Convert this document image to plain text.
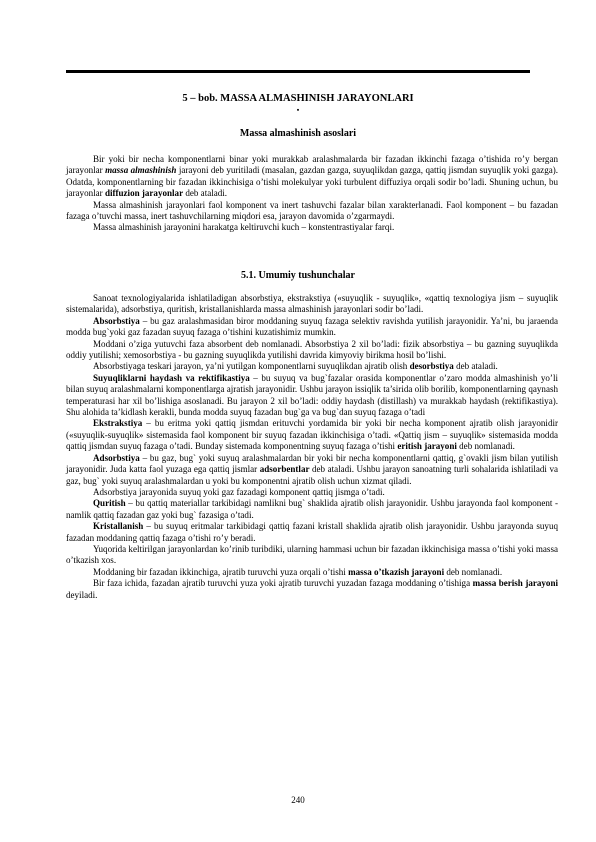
5 – bob. MASSA ALMASHINISH JARAYONLARI
▪
Massa almashinish asoslari

Bir yoki bir necha komponentlarni binar yoki murakkab aralashmalarda bir fazadan ikkinchi fazaga o’tishida ro’y bergan jarayonlar massa almashinish jarayoni deb yuritiladi (masalan, gazdan gazga, suyuqlikdan gazga, qattiq jismdan suyuqlik yoki gazga). Odatda, komponentlarning bir fazadan ikkinchisiga o’tishi molekulyar yoki turbulent diffuziya orqali sodir bo’ladi. Shuning uchun, bu jarayonlar diffuzion jarayonlar deb ataladi.

Massa almashinish jarayonlari faol komponent va inert tashuvchi fazalar bilan xarakterlanadi. Faol komponent – bu fazadan fazaga o’tuvchi massa, inert tashuvchilarning miqdori esa, jarayon davomida o’zgarmaydi.

Massa almashinish jarayonini harakatga keltiruvchi kuch – konstentrastiyalar farqi.

5.1. Umumiy tushunchalar

Sanoat texnologiyalarida ishlatiladigan absorbstiya, ekstrakstiya («suyuqlik - suyuqlik», «qattiq texnologiya jism – suyuqlik sistemalarida), adsorbstiya, quritish, kristallanishlarda massa almashinish jarayonlari sodir bo’ladi.

Absorbstiya – bu gaz aralashmasidan biror moddaning suyuq fazaga selektiv ravishda yutilish jarayonidir. Ya’ni, bu jaraenda modda bug`yoki gaz fazadan suyuq fazaga o’tishini kuzatishimiz mumkin.

Moddani o’ziga yutuvchi faza absorbent deb nomlanadi. Absorbstiya 2 xil bo’ladi: fizik absorbstiya – bu gazning suyuqlikda oddiy yutilishi; xemosorbstiya - bu gazning suyuqlikda yutilishi davrida kimyoviy birikma hosil bo’lishi.

Absorbstiyaga teskari jarayon, ya’ni yutilgan komponentlarni suyuqlikdan ajratib olish desorbstiya deb ataladi.

Suyuqliklarni haydash va rektifikastiya – bu suyuq va bug`fazalar orasida komponentlar o’zaro modda almashinish yo’li bilan suyuq aralashmalarni komponentlarga ajratish jarayonidir. Ushbu jarayon issiqlik ta’sirida olib borilib, komponentlarning qaynash temperaturasi har xil bo’lishiga asoslanadi. Bu jarayon 2 xil bo’ladi: oddiy haydash (distillash) va murakkab haydash (rektifikastiya). Shu alohida ta’kidlash kerakli, bunda modda suyuq fazadan bug`ga va bug`dan suyuq fazaga o’tadi

Ekstrakstiya – bu eritma yoki qattiq jismdan erituvchi yordamida bir yoki bir necha komponent ajratib olish jarayonidir («suyuqlik-suyuqlik» sistemasida faol komponent bir suyuq fazadan ikkinchisiga o’tadi. «Qattiq jism – suyuqlik» sistemasida modda qattiq jismdan suyuq fazaga o’tadi. Bunday sistemada komponentning suyuq fazaga o’tishi eritish jarayoni deb nomlanadi.

Adsorbstiya – bu gaz, bug` yoki suyuq aralashmalardan bir yoki bir necha komponentlarni qattiq, g`ovakli jism bilan yutilish jarayonidir. Juda katta faol yuzaga ega qattiq jismlar adsorbentlar deb ataladi. Ushbu jarayon sanoatning turli sohalarida ishlatiladi va gaz, bug` yoki suyuq aralashmalardan u yoki bu komponentni ajratib olish uchun xizmat qiladi.

Adsorbstiya jarayonida suyuq yoki gaz fazadagi komponent qattiq jismga o’tadi.

Quritish – bu qattiq materiallar tarkibidagi namlikni bug` shaklida ajratib olish jarayonidir. Ushbu jarayonda faol komponent - namlik qattiq fazadan gaz yoki bug` fazasiga o’tadi.

Kristallanish – bu suyuq eritmalar tarkibidagi qattiq fazani kristall shaklida ajratib olish jarayonidir. Ushbu jarayonda suyuq fazadan moddaning qattiq fazaga o’tishi ro’y beradi.

Yuqorida keltirilgan jarayonlardan ko’rinib turibdiki, ularning hammasi uchun bir fazadan ikkinchisiga massa o’tishi yoki massa o’tkazish xos.

Moddaning bir fazadan ikkinchiga, ajratib turuvchi yuza orqali o’tishi massa o’tkazish jarayoni deb nomlanadi.

Bir faza ichida, fazadan ajratib turuvchi yuza yoki ajratib turuvchi yuzadan fazaga moddaning o’tishiga massa berish jarayoni deyiladi.

240
